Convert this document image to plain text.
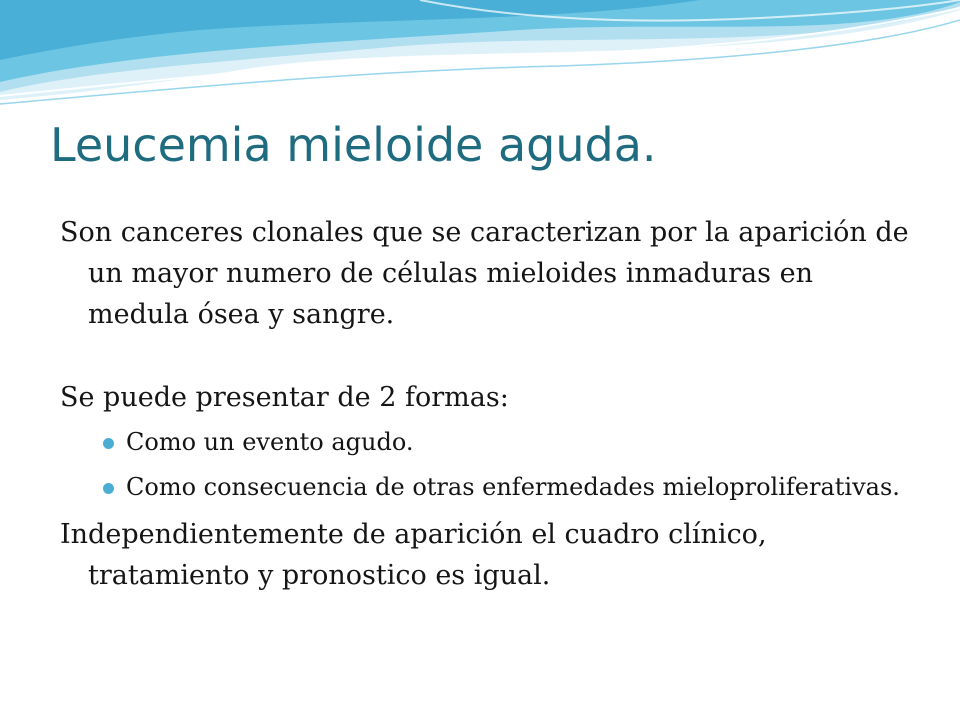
Leucemia mieloide aguda.

Son canceres clonales que se caracterizan por la aparición de un mayor numero de células mieloides inmaduras en medula ósea y sangre.

Se puede presentar de 2 formas:

Como un evento agudo.
Como consecuencia de otras enfermedades mieloproliferativas.

Independientemente de aparición el cuadro clínico, tratamiento y pronostico es igual.
